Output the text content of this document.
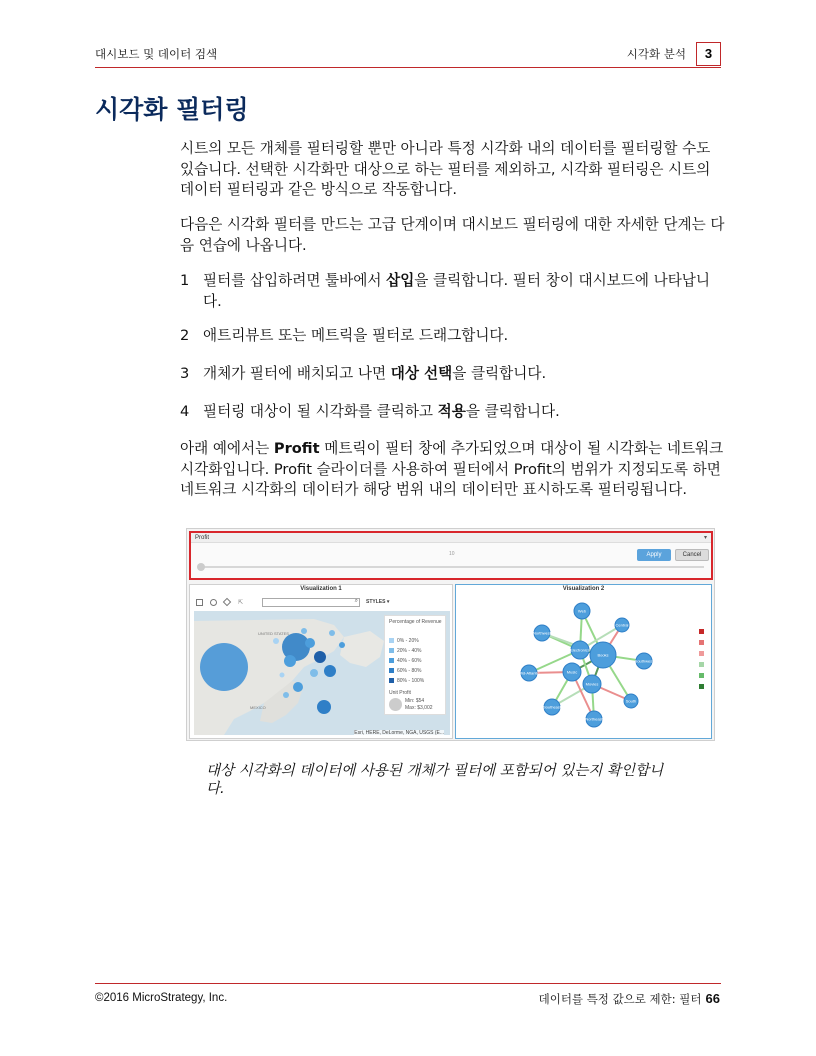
대시보드 및 데이터 검색	시각화 분석	3
시각화 필터링
시트의 모든 개체를 필터링할 뿐만 아니라 특정 시각화 내의 데이터를 필터링할 수도 있습니다. 선택한 시각화만 대상으로 하는 필터를 제외하고, 시각화 필터링은 시트의 데이터 필터링과 같은 방식으로 작동합니다.
다음은 시각화 필터를 만드는 고급 단계이며 대시보드 필터링에 대한 자세한 단계는 다음 연습에 나옵니다.
1 필터를 삽입하려면 툴바에서 삽입을 클릭합니다. 필터 창이 대시보드에 나타납니다.
2 애트리뷰트 또는 메트릭을 필터로 드래그합니다.
3 개체가 필터에 배치되고 나면 대상 선택을 클릭합니다.
4 필터링 대상이 될 시각화를 클릭하고 적용을 클릭합니다.
아래 예에서는 Profit 메트릭이 필터 창에 추가되었으며 대상이 될 시각화는 네트워크 시각화입니다. Profit 슬라이더를 사용하여 필터에서 Profit의 범위가 지정되도록 하면 네트워크 시각화의 데이터가 해당 범위 내의 데이터만 표시하도록 필터링됩니다.
Profit	▾
10	Apply	Cancel
Visualization 1
⇱	⌕ STYLES ▾
UNITED STATES
MEXICO
Percentage of Revenue
0% - 20%
20% - 40%
40% - 60%
60% - 80%
80% - 100%
Unit Profit
Min: $54
Max: $3,002
Esri, HERE, DeLorme, NGA, USGS (E...
Visualization 2
Web
Central
Northwest
Electronics
Books
Southwest
Mid-Atlantic	Music
Movies
South
Southeast
Northeast
대상 시각화의 데이터에 사용된 개체가 필터에 포함되어 있는지 확인합니다.
©2016 MicroStrategy, Inc.	데이터를 특정 값으로 제한: 필터 66
